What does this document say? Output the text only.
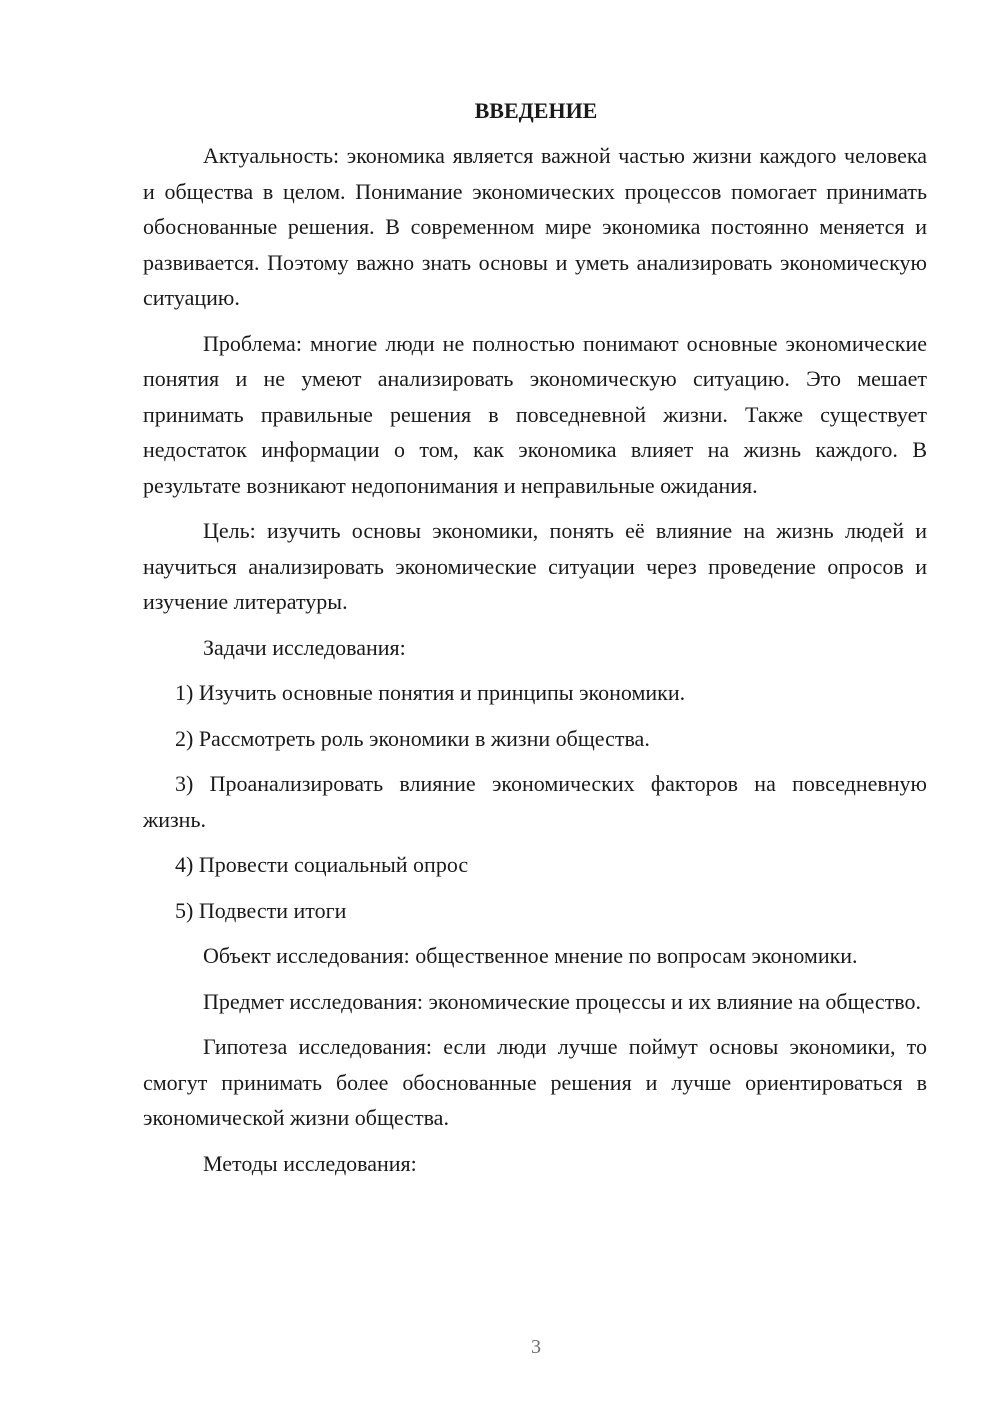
ВВЕДЕНИЕ

Актуальность: экономика является важной частью жизни каждого человека и общества в целом. Понимание экономических процессов помогает принимать обоснованные решения. В современном мире экономика постоянно меняется и развивается. Поэтому важно знать основы и уметь анализировать экономическую ситуацию.

Проблема: многие люди не полностью понимают основные экономические понятия и не умеют анализировать экономическую ситуацию. Это мешает принимать правильные решения в повседневной жизни. Также существует недостаток информации о том, как экономика влияет на жизнь каждого. В результате возникают недопонимания и неправильные ожидания.

Цель: изучить основы экономики, понять её влияние на жизнь людей и научиться анализировать экономические ситуации через проведение опросов и изучение литературы.

Задачи исследования:

1) Изучить основные понятия и принципы экономики.

2) Рассмотреть роль экономики в жизни общества.

3) Проанализировать влияние экономических факторов на повседневную жизнь.

4) Провести социальный опрос

5) Подвести итоги

Объект исследования: общественное мнение по вопросам экономики.

Предмет исследования: экономические процессы и их влияние на общество.

Гипотеза исследования: если люди лучше поймут основы экономики, то смогут принимать более обоснованные решения и лучше ориентироваться в экономической жизни общества.

Методы исследования:

3
